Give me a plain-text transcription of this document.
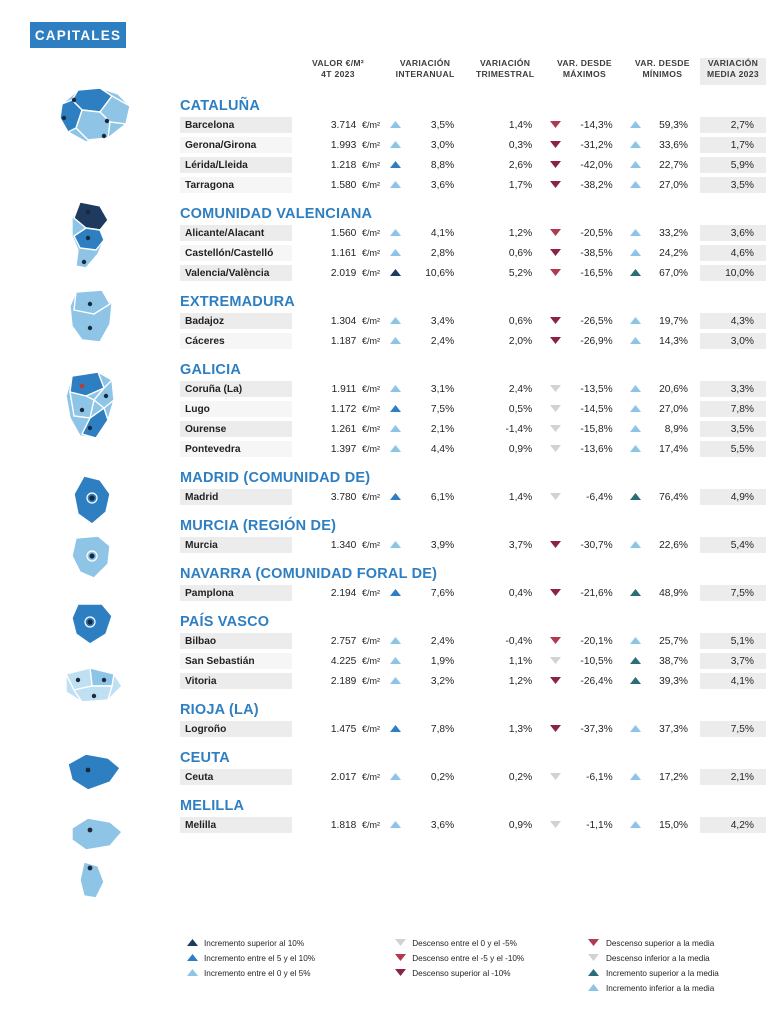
CAPITALES

VALOR €/M²
4T 2023

VARIACIÓN
INTERANUAL

VARIACIÓN
TRIMESTRAL

VAR. DESDE
MÁXIMOS

VAR. DESDE
MÍNIMOS

VARIACIÓN
MEDIA 2023

CATALUÑA									
Barcelona	3.714  €/m²		3,5%	1,4%		-14,3%		59,3%	2,7%

Gerona/Girona	1.993  €/m²		3,0%	0,3%		-31,2%		33,6%	1,7%

Lérida/Lleida	1.218  €/m²		8,8%	2,6%		-42,0%		22,7%	5,9%

Tarragona	1.580  €/m²		3,6%	1,7%		-38,2%		27,0%	3,5%
COMUNIDAD VALENCIANA									
Alicante/Alacant	1.560  €/m²		4,1%	1,2%		-20,5%		33,2%	3,6%

Castellón/Castelló	1.161  €/m²		2,8%	0,6%		-38,5%		24,2%	4,6%

Valencia/València	2.019  €/m²		10,6%	5,2%		-16,5%		67,0%	10,0%
EXTREMADURA									
Badajoz	1.304  €/m²		3,4%	0,6%		-26,5%		19,7%	4,3%

Cáceres	1.187  €/m²		2,4%	2,0%		-26,9%		14,3%	3,0%
GALICIA									
Coruña (La)	1.911  €/m²		3,1%	2,4%		-13,5%		20,6%	3,3%

Lugo	1.172  €/m²		7,5%	0,5%		-14,5%		27,0%	7,8%

Ourense	1.261  €/m²		2,1%	-1,4%		-15,8%		8,9%	3,5%

Pontevedra	1.397  €/m²		4,4%	0,9%		-13,6%		17,4%	5,5%
MADRID (COMUNIDAD DE)									
Madrid	3.780  €/m²		6,1%	1,4%		-6,4%		76,4%	4,9%
MURCIA (REGIÓN DE)									
Murcia	1.340  €/m²		3,9%	3,7%		-30,7%		22,6%	5,4%
NAVARRA (COMUNIDAD FORAL DE)									
Pamplona	2.194  €/m²		7,6%	0,4%		-21,6%		48,9%	7,5%
PAÍS VASCO									
Bilbao	2.757  €/m²		2,4%	-0,4%		-20,1%		25,7%	5,1%

San Sebastián	4.225  €/m²		1,9%	1,1%		-10,5%		38,7%	3,7%

Vitoria	2.189  €/m²		3,2%	1,2%		-26,4%		39,3%	4,1%
RIOJA (LA)									
Logroño	1.475  €/m²		7,8%	1,3%		-37,3%		37,3%	7,5%
CEUTA									
Ceuta	2.017  €/m²		0,2%	0,2%		-6,1%		17,2%	2,1%
MELILLA									
Melilla	1.818  €/m²		3,6%	0,9%		-1,1%		15,0%	4,2%
Incremento superior al 10%
Incremento entre el 5 y el 10%
Incremento entre el 0 y el 5%
Descenso entre el 0 y el -5%
Descenso entre el -5 y el -10%
Descenso superior al -10%
Descenso superior a la media
Descenso inferior a la media
Incremento superior a la media
Incremento inferior a la media
